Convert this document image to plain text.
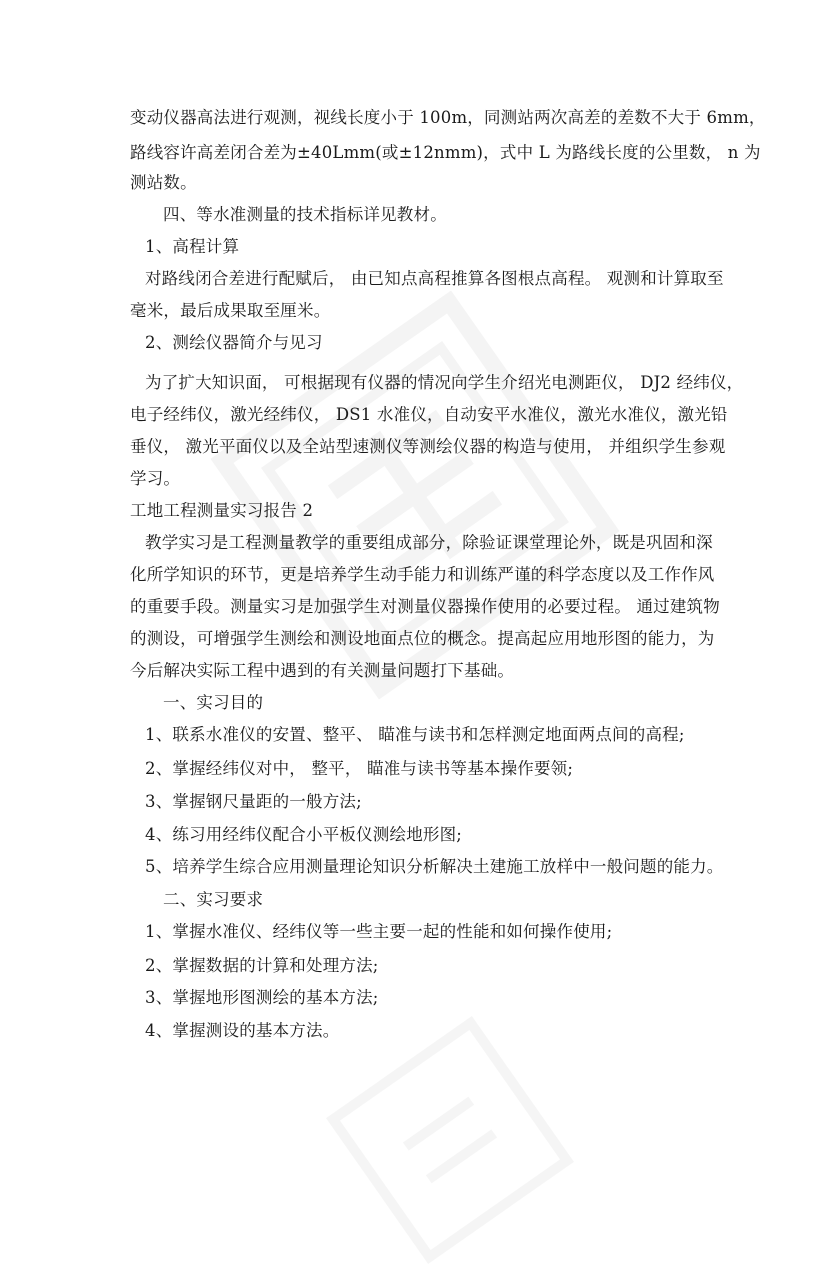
变动仪器高法进行观测，视线长度小于 100m，同测站两次高差的差数不大于 6mm，
路线容许高差闭合差为±40Lmm(或±12nmm)，式中 L 为路线长度的公里数， n 为
测站数。
四、等水准测量的技术指标详见教材。
1、高程计算
对路线闭合差进行配赋后， 由已知点高程推算各图根点高程。 观测和计算取至
毫米，最后成果取至厘米。
2、测绘仪器简介与见习
为了扩大知识面， 可根据现有仪器的情况向学生介绍光电测距仪， DJ2 经纬仪，
电子经纬仪，激光经纬仪， DS1 水准仪，自动安平水准仪，激光水准仪，激光铅
垂仪， 激光平面仪以及全站型速测仪等测绘仪器的构造与使用， 并组织学生参观
学习。
工地工程测量实习报告 2
教学实习是工程测量教学的重要组成部分，除验证课堂理论外，既是巩固和深
化所学知识的环节，更是培养学生动手能力和训练严谨的科学态度以及工作作风
的重要手段。测量实习是加强学生对测量仪器操作使用的必要过程。 通过建筑物
的测设，可增强学生测绘和测设地面点位的概念。提高起应用地形图的能力，为
今后解决实际工程中遇到的有关测量问题打下基础。
一、实习目的
1、联系水准仪的安置、整平、 瞄准与读书和怎样测定地面两点间的高程;
2、掌握经纬仪对中， 整平， 瞄准与读书等基本操作要领;
3、掌握钢尺量距的一般方法;
4、练习用经纬仪配合小平板仪测绘地形图;
5、培养学生综合应用测量理论知识分析解决土建施工放样中一般问题的能力。
二、实习要求
1、掌握水准仪、经纬仪等一些主要一起的性能和如何操作使用;
2、掌握数据的计算和处理方法;
3、掌握地形图测绘的基本方法;
4、掌握测设的基本方法。
